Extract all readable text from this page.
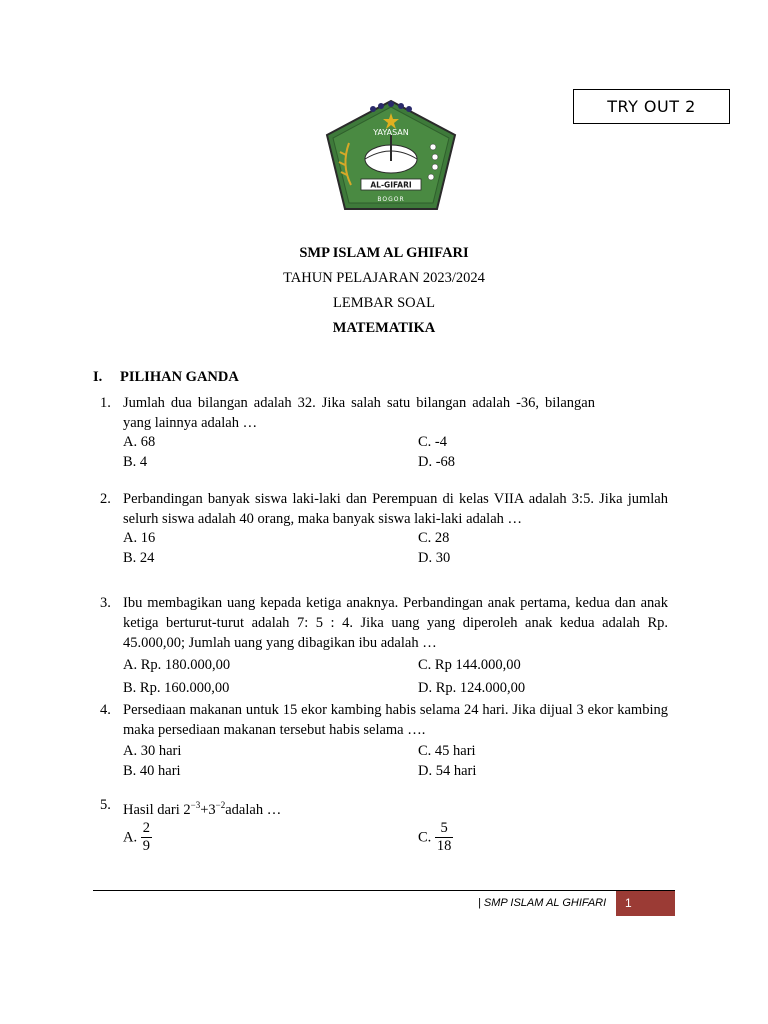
TRY OUT 2
YAYASAN
AL-GIFARI
BOGOR
SMP ISLAM AL GHIFARI
TAHUN PELAJARAN 2023/2024
LEMBAR SOAL
MATEMATIKA
I. PILIHAN GANDA
1. Jumlah dua bilangan adalah 32. Jika salah satu bilangan adalah -36, bilangan yang lainnya adalah …
A. 68
B. 4
C. -4
D. -68
2. Perbandingan banyak siswa laki-laki dan Perempuan di kelas VIIA adalah 3:5. Jika jumlah selurh siswa adalah 40 orang, maka banyak siswa laki-laki adalah …
A. 16
B. 24
C. 28
D. 30
3. Ibu membagikan uang kepada ketiga anaknya. Perbandingan anak pertama, kedua dan anak ketiga berturut-turut adalah 7: 5 : 4. Jika uang yang diperoleh anak kedua adalah Rp. 45.000,00; Jumlah uang yang dibagikan ibu adalah …
A. Rp. 180.000,00
B. Rp. 160.000,00
C. Rp 144.000,00
D. Rp. 124.000,00
4. Persediaan makanan untuk 15 ekor kambing habis selama 24 hari. Jika dijual 3 ekor kambing maka persediaan makanan tersebut habis selama ….
A. 30 hari
B. 40 hari
C. 45 hari
D. 54 hari
5. Hasil dari $2^{-3}+3^{-2}adalah$ …
A. $\frac{2}{9}$	C. $\frac{5}{18}$
| SMP ISLAM AL GHIFARI	1
